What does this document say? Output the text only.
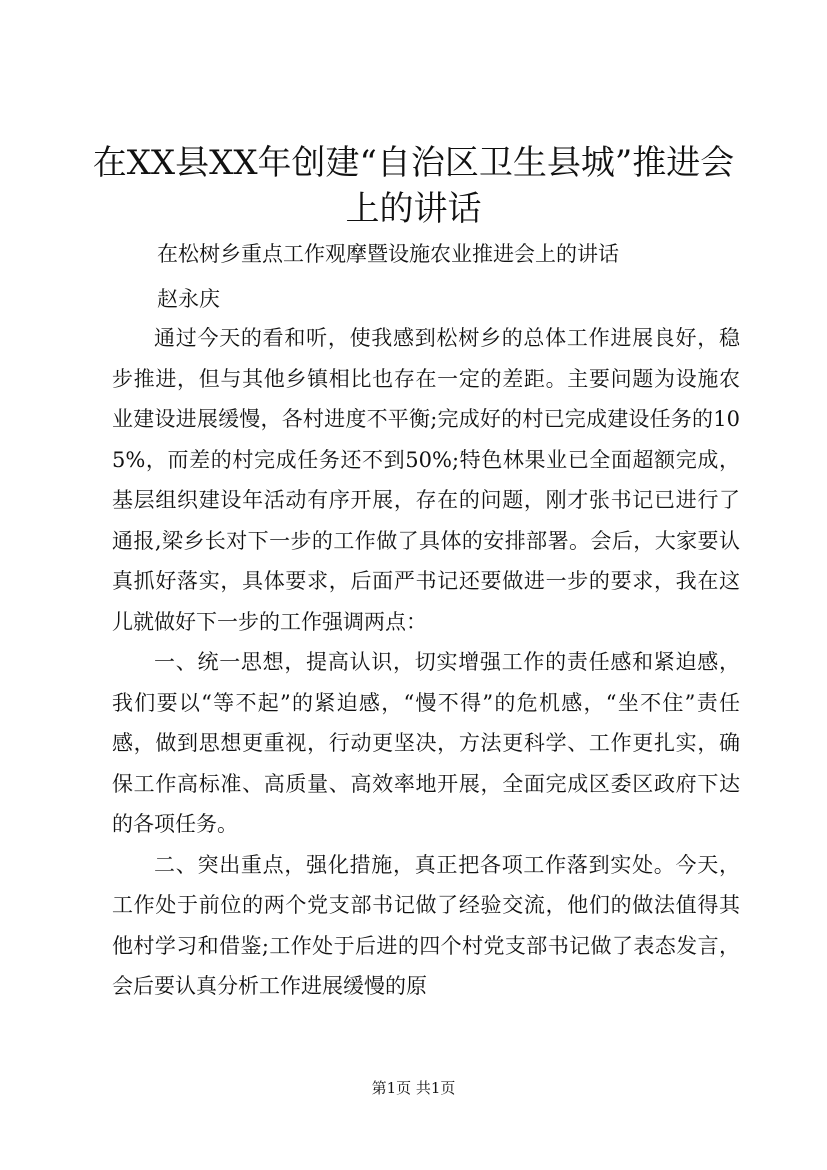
在XX县XX年创建“自治区卫生县城”推进会上的讲话

在松树乡重点工作观摩暨设施农业推进会上的讲话

赵永庆

通过今天的看和听，使我感到松树乡的总体工作进展良好，稳步推进，但与其他乡镇相比也存在一定的差距。主要问题为设施农业建设进展缓慢，各村进度不平衡;完成好的村已完成建设任务的105%，而差的村完成任务还不到50%;特色林果业已全面超额完成，基层组织建设年活动有序开展，存在的问题，刚才张书记已进行了通报,梁乡长对下一步的工作做了具体的安排部署。会后，大家要认真抓好落实，具体要求，后面严书记还要做进一步的要求，我在这儿就做好下一步的工作强调两点：

一、统一思想，提高认识，切实增强工作的责任感和紧迫感，我们要以“等不起”的紧迫感，“慢不得”的危机感，“坐不住”责任感，做到思想更重视，行动更坚决，方法更科学、工作更扎实，确保工作高标准、高质量、高效率地开展，全面完成区委区政府下达的各项任务。

二、突出重点，强化措施，真正把各项工作落到实处。今天，工作处于前位的两个党支部书记做了经验交流，他们的做法值得其他村学习和借鉴;工作处于后进的四个村党支部书记做了表态发言，会后要认真分析工作进展缓慢的原

第1页 共1页
